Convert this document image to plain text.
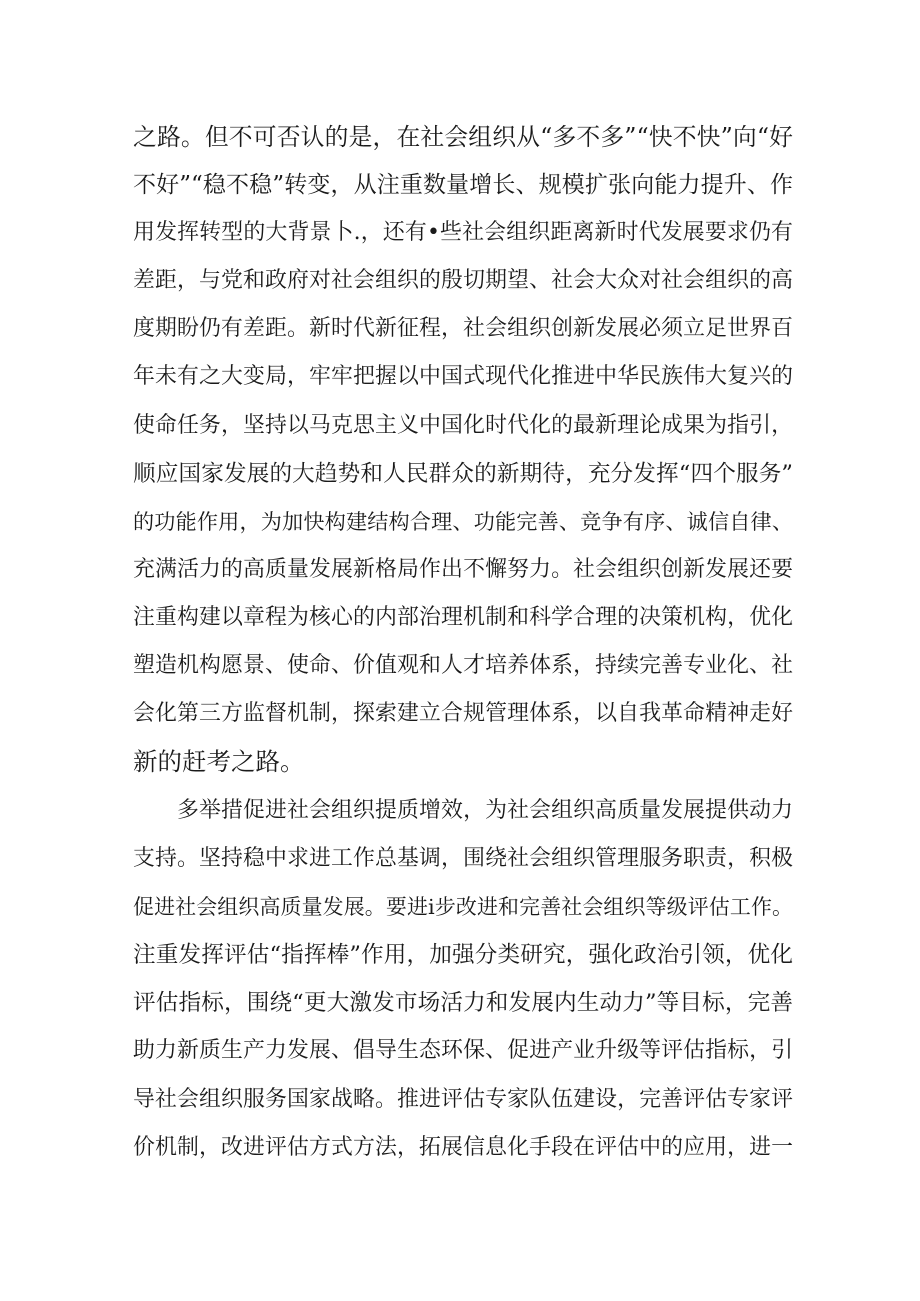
之路。但不可否认的是，在社会组织从“多不多”“快不快”向“好
不好”“稳不稳”转变，从注重数量增长、规模扩张向能力提升、作
用发挥转型的大背景卜.，还有•些社会组织距离新时代发展要求仍有
差距，与党和政府对社会组织的殷切期望、社会大众对社会组织的高
度期盼仍有差距。新时代新征程，社会组织创新发展必须立足世界百
年未有之大变局，牢牢把握以中国式现代化推进中华民族伟大复兴的
使命任务，坚持以马克思主义中国化时代化的最新理论成果为指引，
顺应国家发展的大趋势和人民群众的新期待，充分发挥“四个服务”
的功能作用，为加快构建结构合理、功能完善、竞争有序、诚信自律、
充满活力的高质量发展新格局作出不懈努力。社会组织创新发展还要
注重构建以章程为核心的内部治理机制和科学合理的决策机构，优化
塑造机构愿景、使命、价值观和人才培养体系，持续完善专业化、社
会化第三方监督机制，探索建立合规管理体系，以自我革命精神走好
新的赶考之路。
　　多举措促进社会组织提质增效，为社会组织高质量发展提供动力
支持。坚持稳中求进工作总基调，围绕社会组织管理服务职责，积极
促进社会组织高质量发展。要进i步改进和完善社会组织等级评估工作。
注重发挥评估“指挥棒”作用，加强分类研究，强化政治引领，优化
评估指标，围绕“更大激发市场活力和发展内生动力”等目标，完善
助力新质生产力发展、倡导生态环保、促进产业升级等评估指标，引
导社会组织服务国家战略。推进评估专家队伍建设，完善评估专家评
价机制，改进评估方式方法，拓展信息化手段在评估中的应用，进一
